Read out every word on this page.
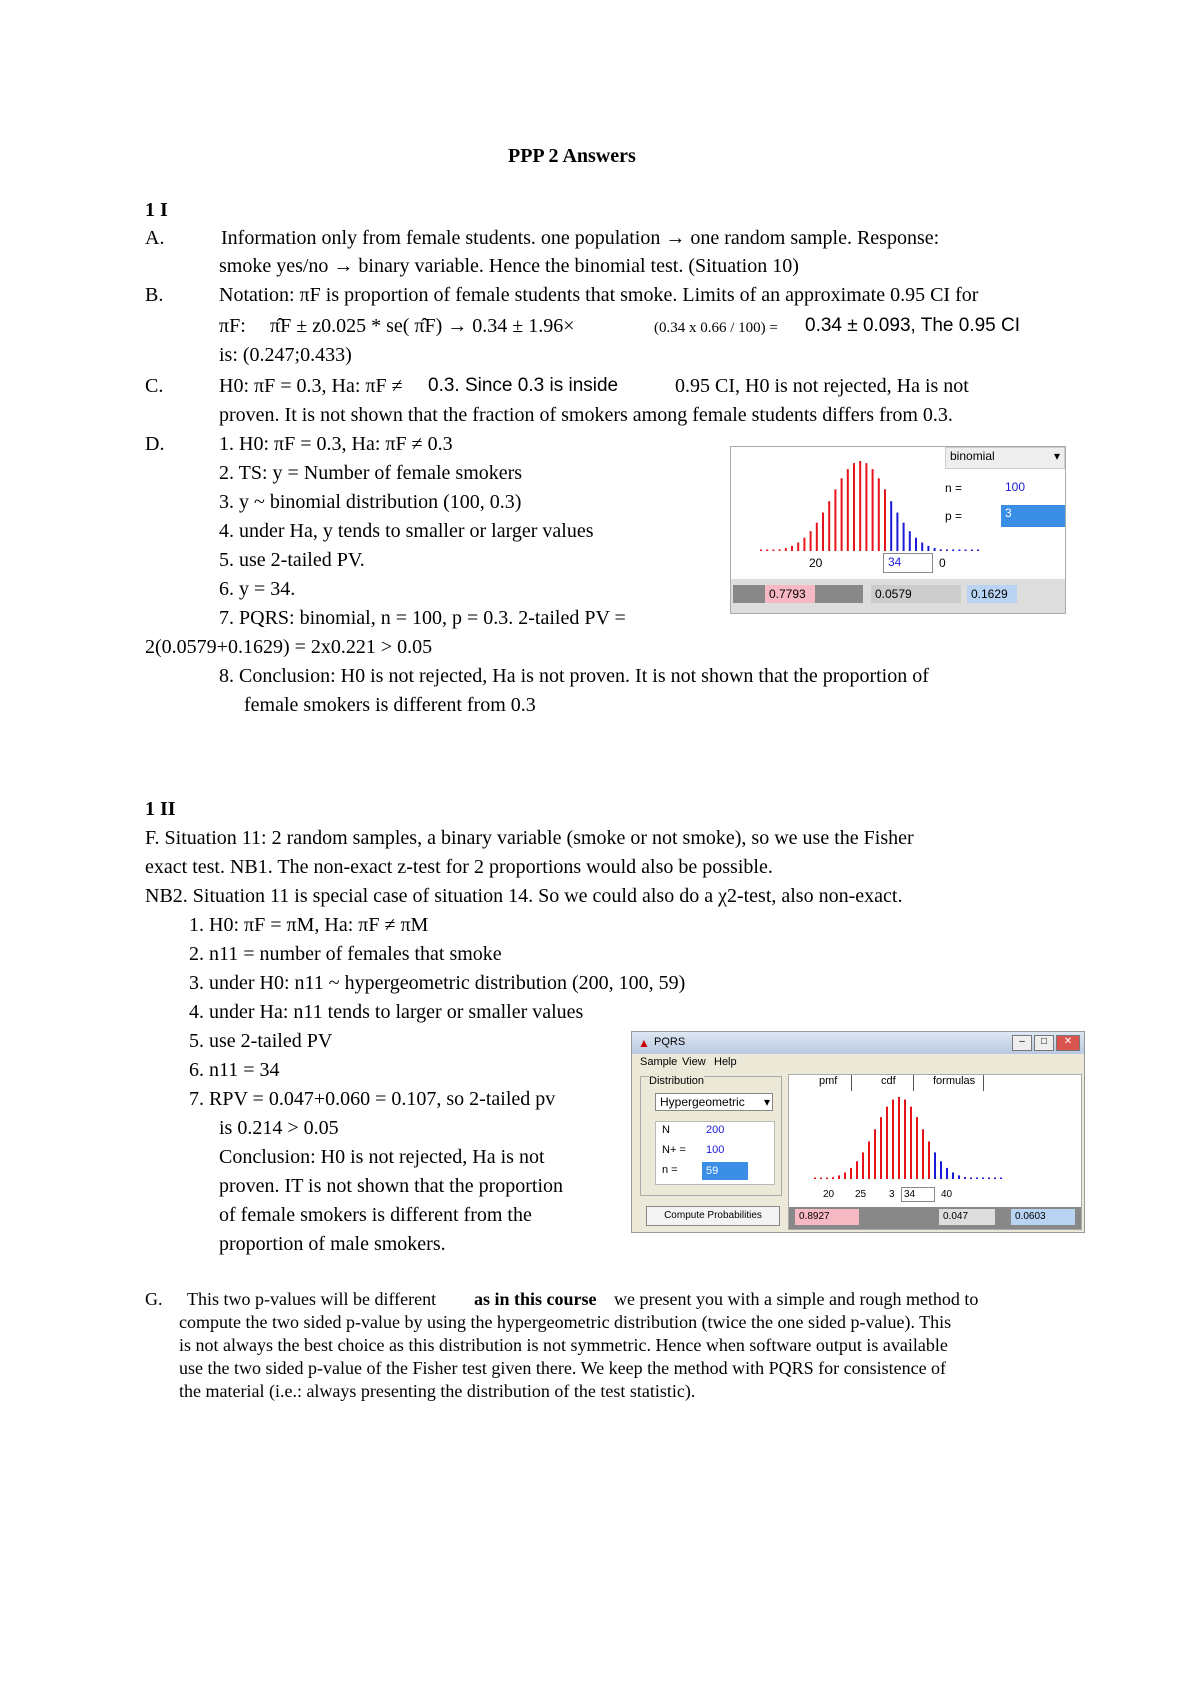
PPP 2 Answers
1 I
A.	Information only from female students. one population → one random sample. Response:
smoke yes/no → binary variable. Hence the binomial test. (Situation 10)
B.	Notation: πF is proportion of female students that smoke. Limits of an approximate 0.95 CI for
πF: π̂F ± z0.025 * se( π̂F) → 0.34 ± 1.96×	(0.34 x 0.66 / 100) = 0.34 ± 0.093, The 0.95 CI
is: (0.247;0.433)
C.	H0: πF = 0.3, Ha: πF ≠ 0.3. Since 0.3 is inside	0.95 CI, H0 is not rejected, Ha is not
proven. It is not shown that the fraction of smokers among female students differs from 0.3.
D.	1. H0: πF = 0.3, Ha: πF ≠ 0.3
2. TS: y = Number of female smokers
3. y ~ binomial distribution (100, 0.3)
4. under Ha, y tends to smaller or larger values
5. use 2-tailed PV.
6. y = 34.
7. PQRS: binomial, n = 100, p = 0.3. 2-tailed PV =
2(0.0579+0.1629) = 2x0.221 > 0.05
8. Conclusion: H0 is not rejected, Ha is not proven. It is not shown that the proportion of
female smokers is different from 0.3
binomial	▾
n =	100
p =	3
20	34	0
0.7793	0.0579	0.1629
1 II
F. Situation 11: 2 random samples, a binary variable (smoke or not smoke), so we use the Fisher
exact test. NB1. The non-exact z-test for 2 proportions would also be possible.
NB2. Situation 11 is special case of situation 14. So we could also do a χ2-test, also non-exact.
1. H0: πF = πM, Ha: πF ≠ πM
2. n11 = number of females that smoke
3. under H0: n11 ~ hypergeometric distribution (200, 100, 59)
4. under Ha: n11 tends to larger or smaller values
5. use 2-tailed PV
6. n11 = 34
7. RPV = 0.047+0.060 = 0.107, so 2-tailed pv
is 0.214 > 0.05
Conclusion: H0 is not rejected, Ha is not
proven. IT is not shown that the proportion
of female smokers is different from the
proportion of male smokers.
▲ PQRS	–	□	✕
Sample View Help
Distribution
Hypergeometric ▾
N	200
N+ = 100
n =	59
Compute Probabilities
pmf	cdf	formulas
20 25 3 34	40
0.8927	0.047	0.0603
G. This two p-values will be different as in this course we present you with a simple and rough method to
compute the two sided p-value by using the hypergeometric distribution (twice the one sided p-value). This
is not always the best choice as this distribution is not symmetric. Hence when software output is available
use the two sided p-value of the Fisher test given there. We keep the method with PQRS for consistence of
the material (i.e.: always presenting the distribution of the test statistic).
